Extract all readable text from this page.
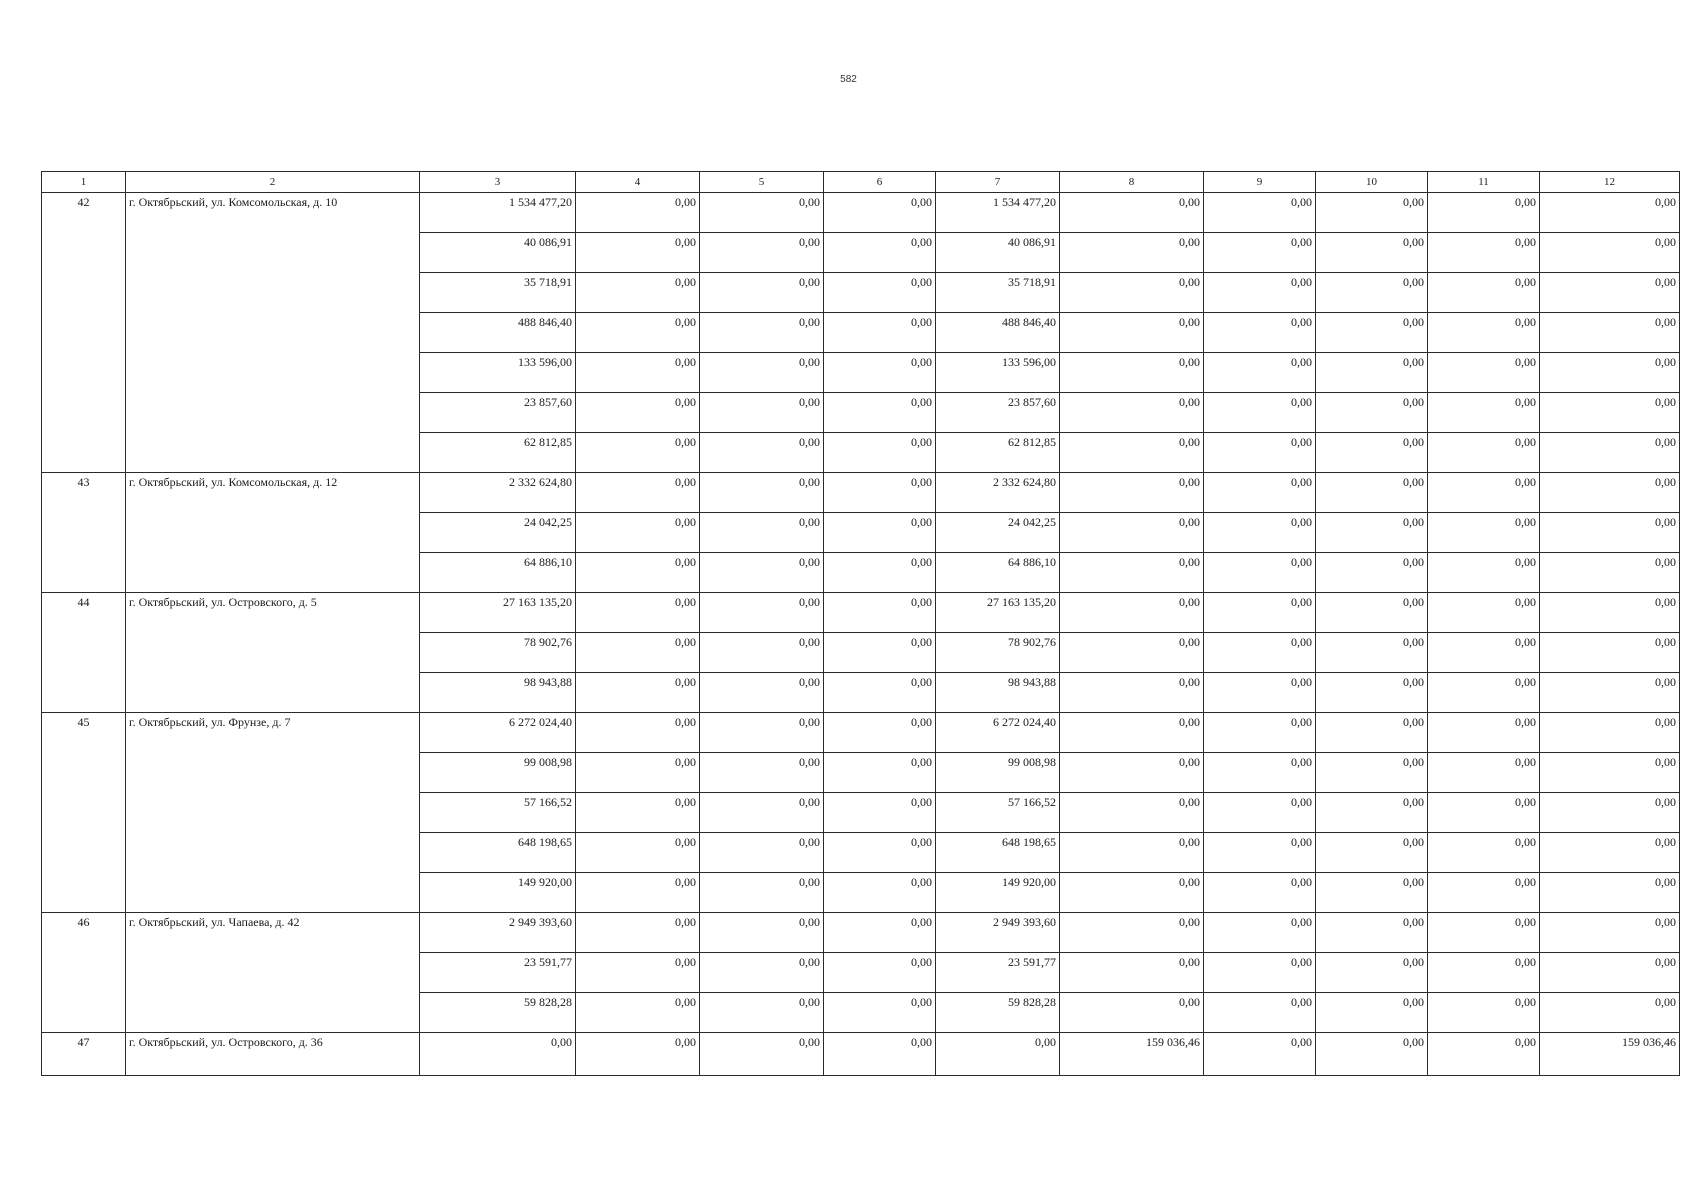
582
1	2	3	4	5	6	7	8	9	10	11	12
42	г. Октябрьский, ул. Комсомольская, д. 10	1 534 477,20	0,00	0,00	0,00	1 534 477,20	0,00	0,00	0,00	0,00	0,00
		40 086,91	0,00	0,00	0,00	40 086,91	0,00	0,00	0,00	0,00	0,00
		35 718,91	0,00	0,00	0,00	35 718,91	0,00	0,00	0,00	0,00	0,00
		488 846,40	0,00	0,00	0,00	488 846,40	0,00	0,00	0,00	0,00	0,00
		133 596,00	0,00	0,00	0,00	133 596,00	0,00	0,00	0,00	0,00	0,00
		23 857,60	0,00	0,00	0,00	23 857,60	0,00	0,00	0,00	0,00	0,00
		62 812,85	0,00	0,00	0,00	62 812,85	0,00	0,00	0,00	0,00	0,00
43	г. Октябрьский, ул. Комсомольская, д. 12	2 332 624,80	0,00	0,00	0,00	2 332 624,80	0,00	0,00	0,00	0,00	0,00
		24 042,25	0,00	0,00	0,00	24 042,25	0,00	0,00	0,00	0,00	0,00
		64 886,10	0,00	0,00	0,00	64 886,10	0,00	0,00	0,00	0,00	0,00
44	г. Октябрьский, ул. Островского, д. 5	27 163 135,20	0,00	0,00	0,00	27 163 135,20	0,00	0,00	0,00	0,00	0,00
		78 902,76	0,00	0,00	0,00	78 902,76	0,00	0,00	0,00	0,00	0,00
		98 943,88	0,00	0,00	0,00	98 943,88	0,00	0,00	0,00	0,00	0,00
45	г. Октябрьский, ул. Фрунзе, д. 7	6 272 024,40	0,00	0,00	0,00	6 272 024,40	0,00	0,00	0,00	0,00	0,00
		99 008,98	0,00	0,00	0,00	99 008,98	0,00	0,00	0,00	0,00	0,00
		57 166,52	0,00	0,00	0,00	57 166,52	0,00	0,00	0,00	0,00	0,00
		648 198,65	0,00	0,00	0,00	648 198,65	0,00	0,00	0,00	0,00	0,00
		149 920,00	0,00	0,00	0,00	149 920,00	0,00	0,00	0,00	0,00	0,00
46	г. Октябрьский, ул. Чапаева, д. 42	2 949 393,60	0,00	0,00	0,00	2 949 393,60	0,00	0,00	0,00	0,00	0,00
		23 591,77	0,00	0,00	0,00	23 591,77	0,00	0,00	0,00	0,00	0,00
		59 828,28	0,00	0,00	0,00	59 828,28	0,00	0,00	0,00	0,00	0,00
47	г. Октябрьский, ул. Островского, д. 36	0,00	0,00	0,00	0,00	0,00	159 036,46	0,00	0,00	0,00	159 036,46
